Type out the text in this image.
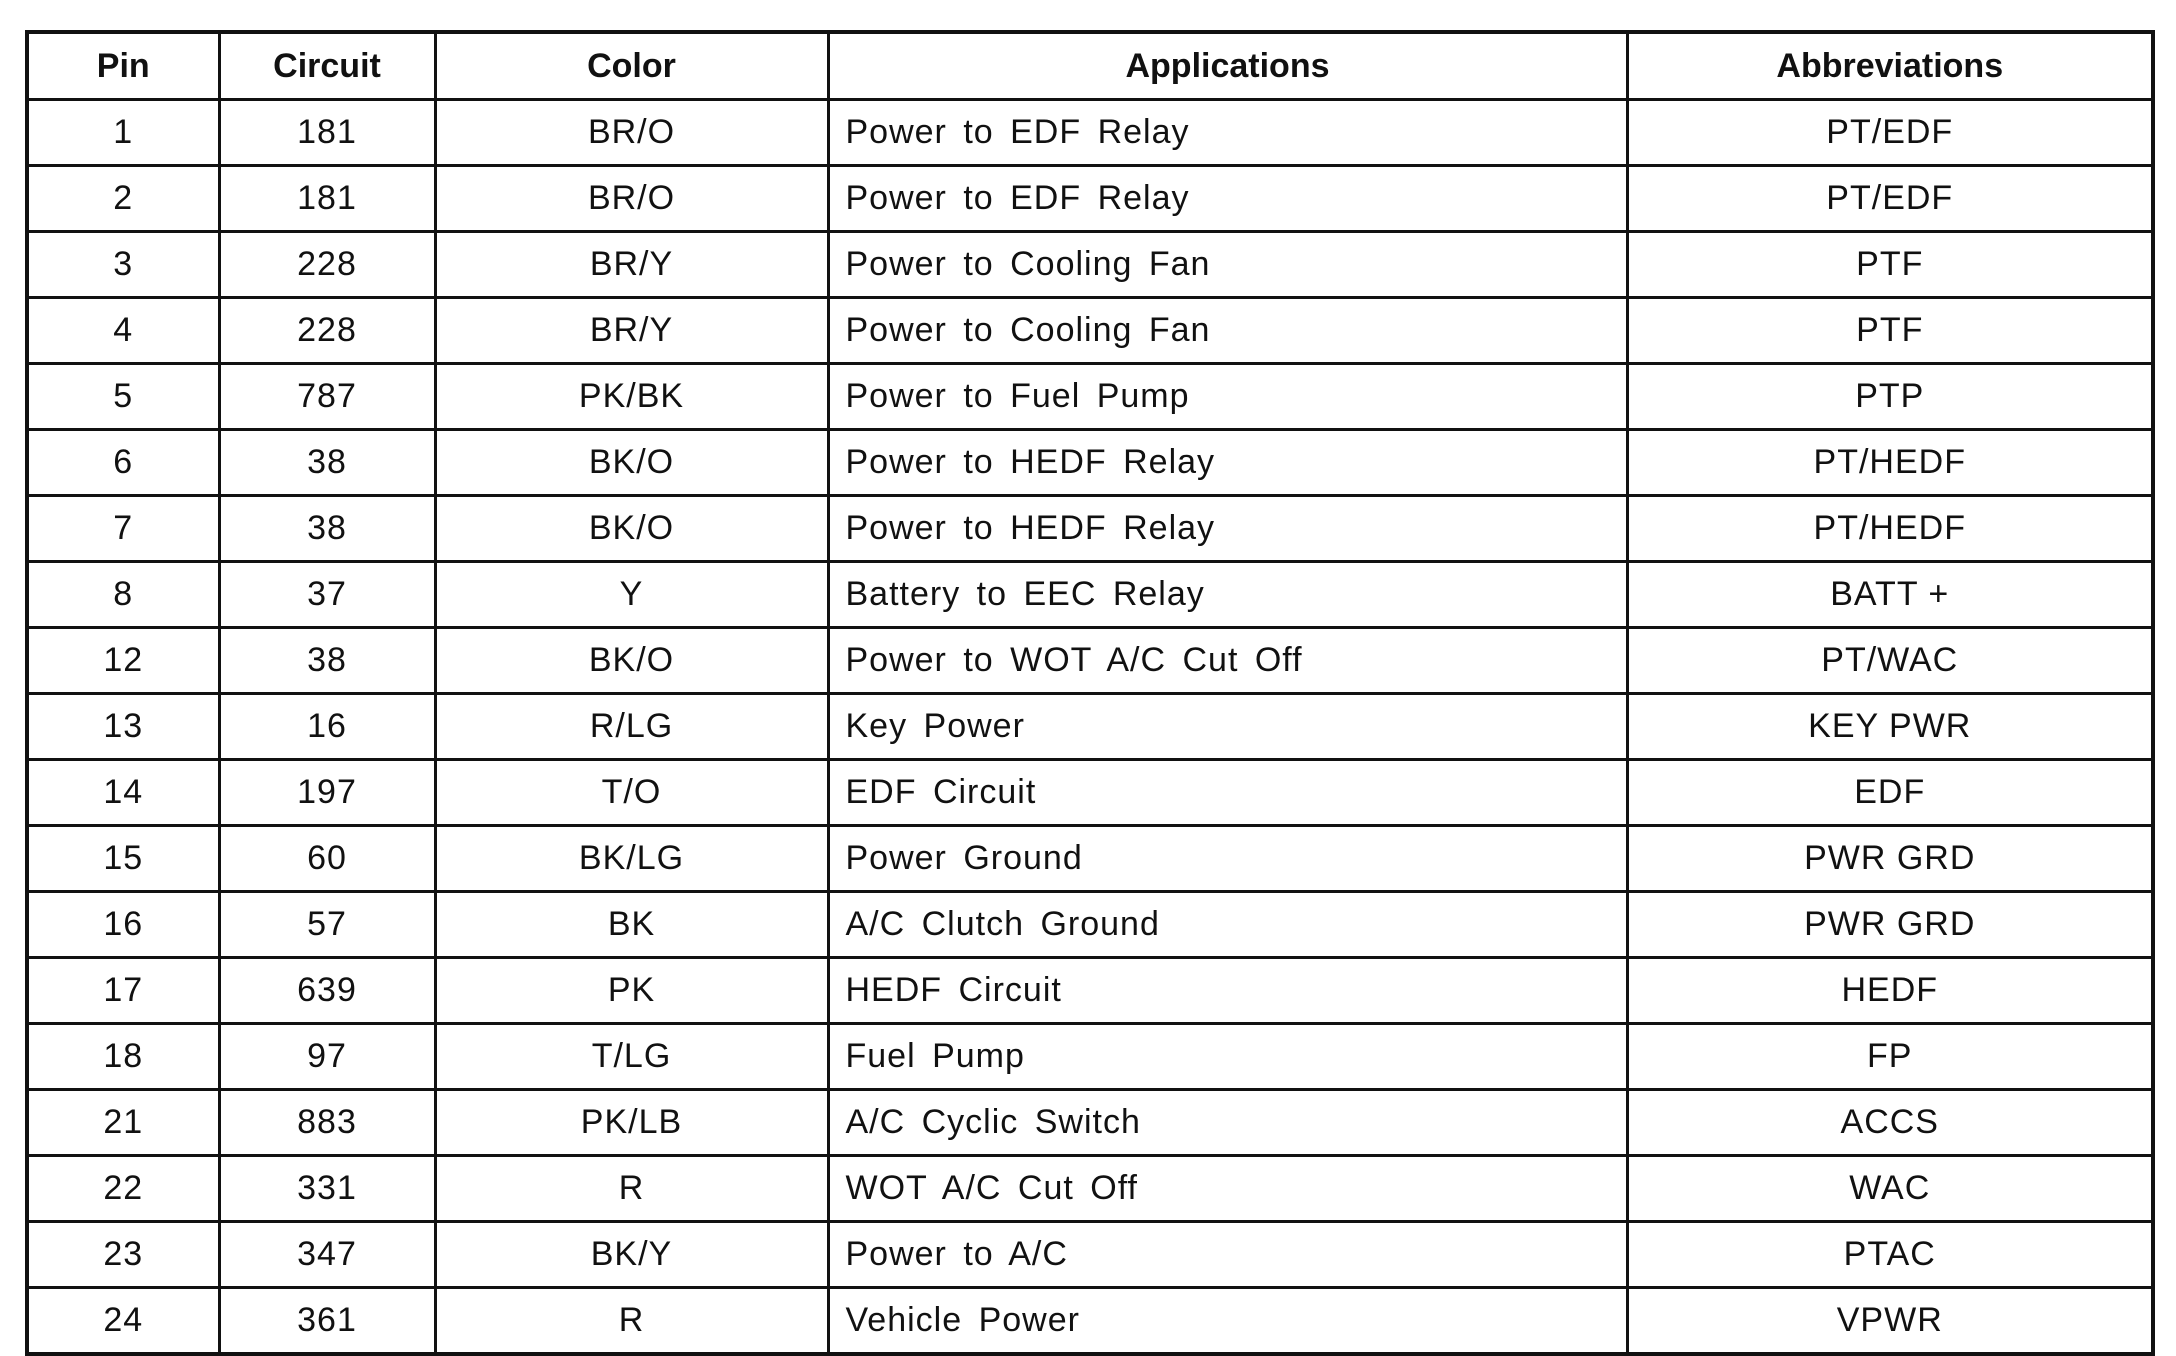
Pin	Circuit	Color	Applications	Abbreviations
1	181	BR/O	Power to EDF Relay	PT/EDF
2	181	BR/O	Power to EDF Relay	PT/EDF
3	228	BR/Y	Power to Cooling Fan	PTF
4	228	BR/Y	Power to Cooling Fan	PTF
5	787	PK/BK	Power to Fuel Pump	PTP
6	38	BK/O	Power to HEDF Relay	PT/HEDF
7	38	BK/O	Power to HEDF Relay	PT/HEDF
8	37	Y	Battery to EEC Relay	BATT +
12	38	BK/O	Power to WOT A/C Cut Off	PT/WAC
13	16	R/LG	Key Power	KEY PWR
14	197	T/O	EDF Circuit	EDF
15	60	BK/LG	Power Ground	PWR GRD
16	57	BK	A/C Clutch Ground	PWR GRD
17	639	PK	HEDF Circuit	HEDF
18	97	T/LG	Fuel Pump	FP
21	883	PK/LB	A/C Cyclic Switch	ACCS
22	331	R	WOT A/C Cut Off	WAC
23	347	BK/Y	Power to A/C	PTAC
24	361	R	Vehicle Power	VPWR
